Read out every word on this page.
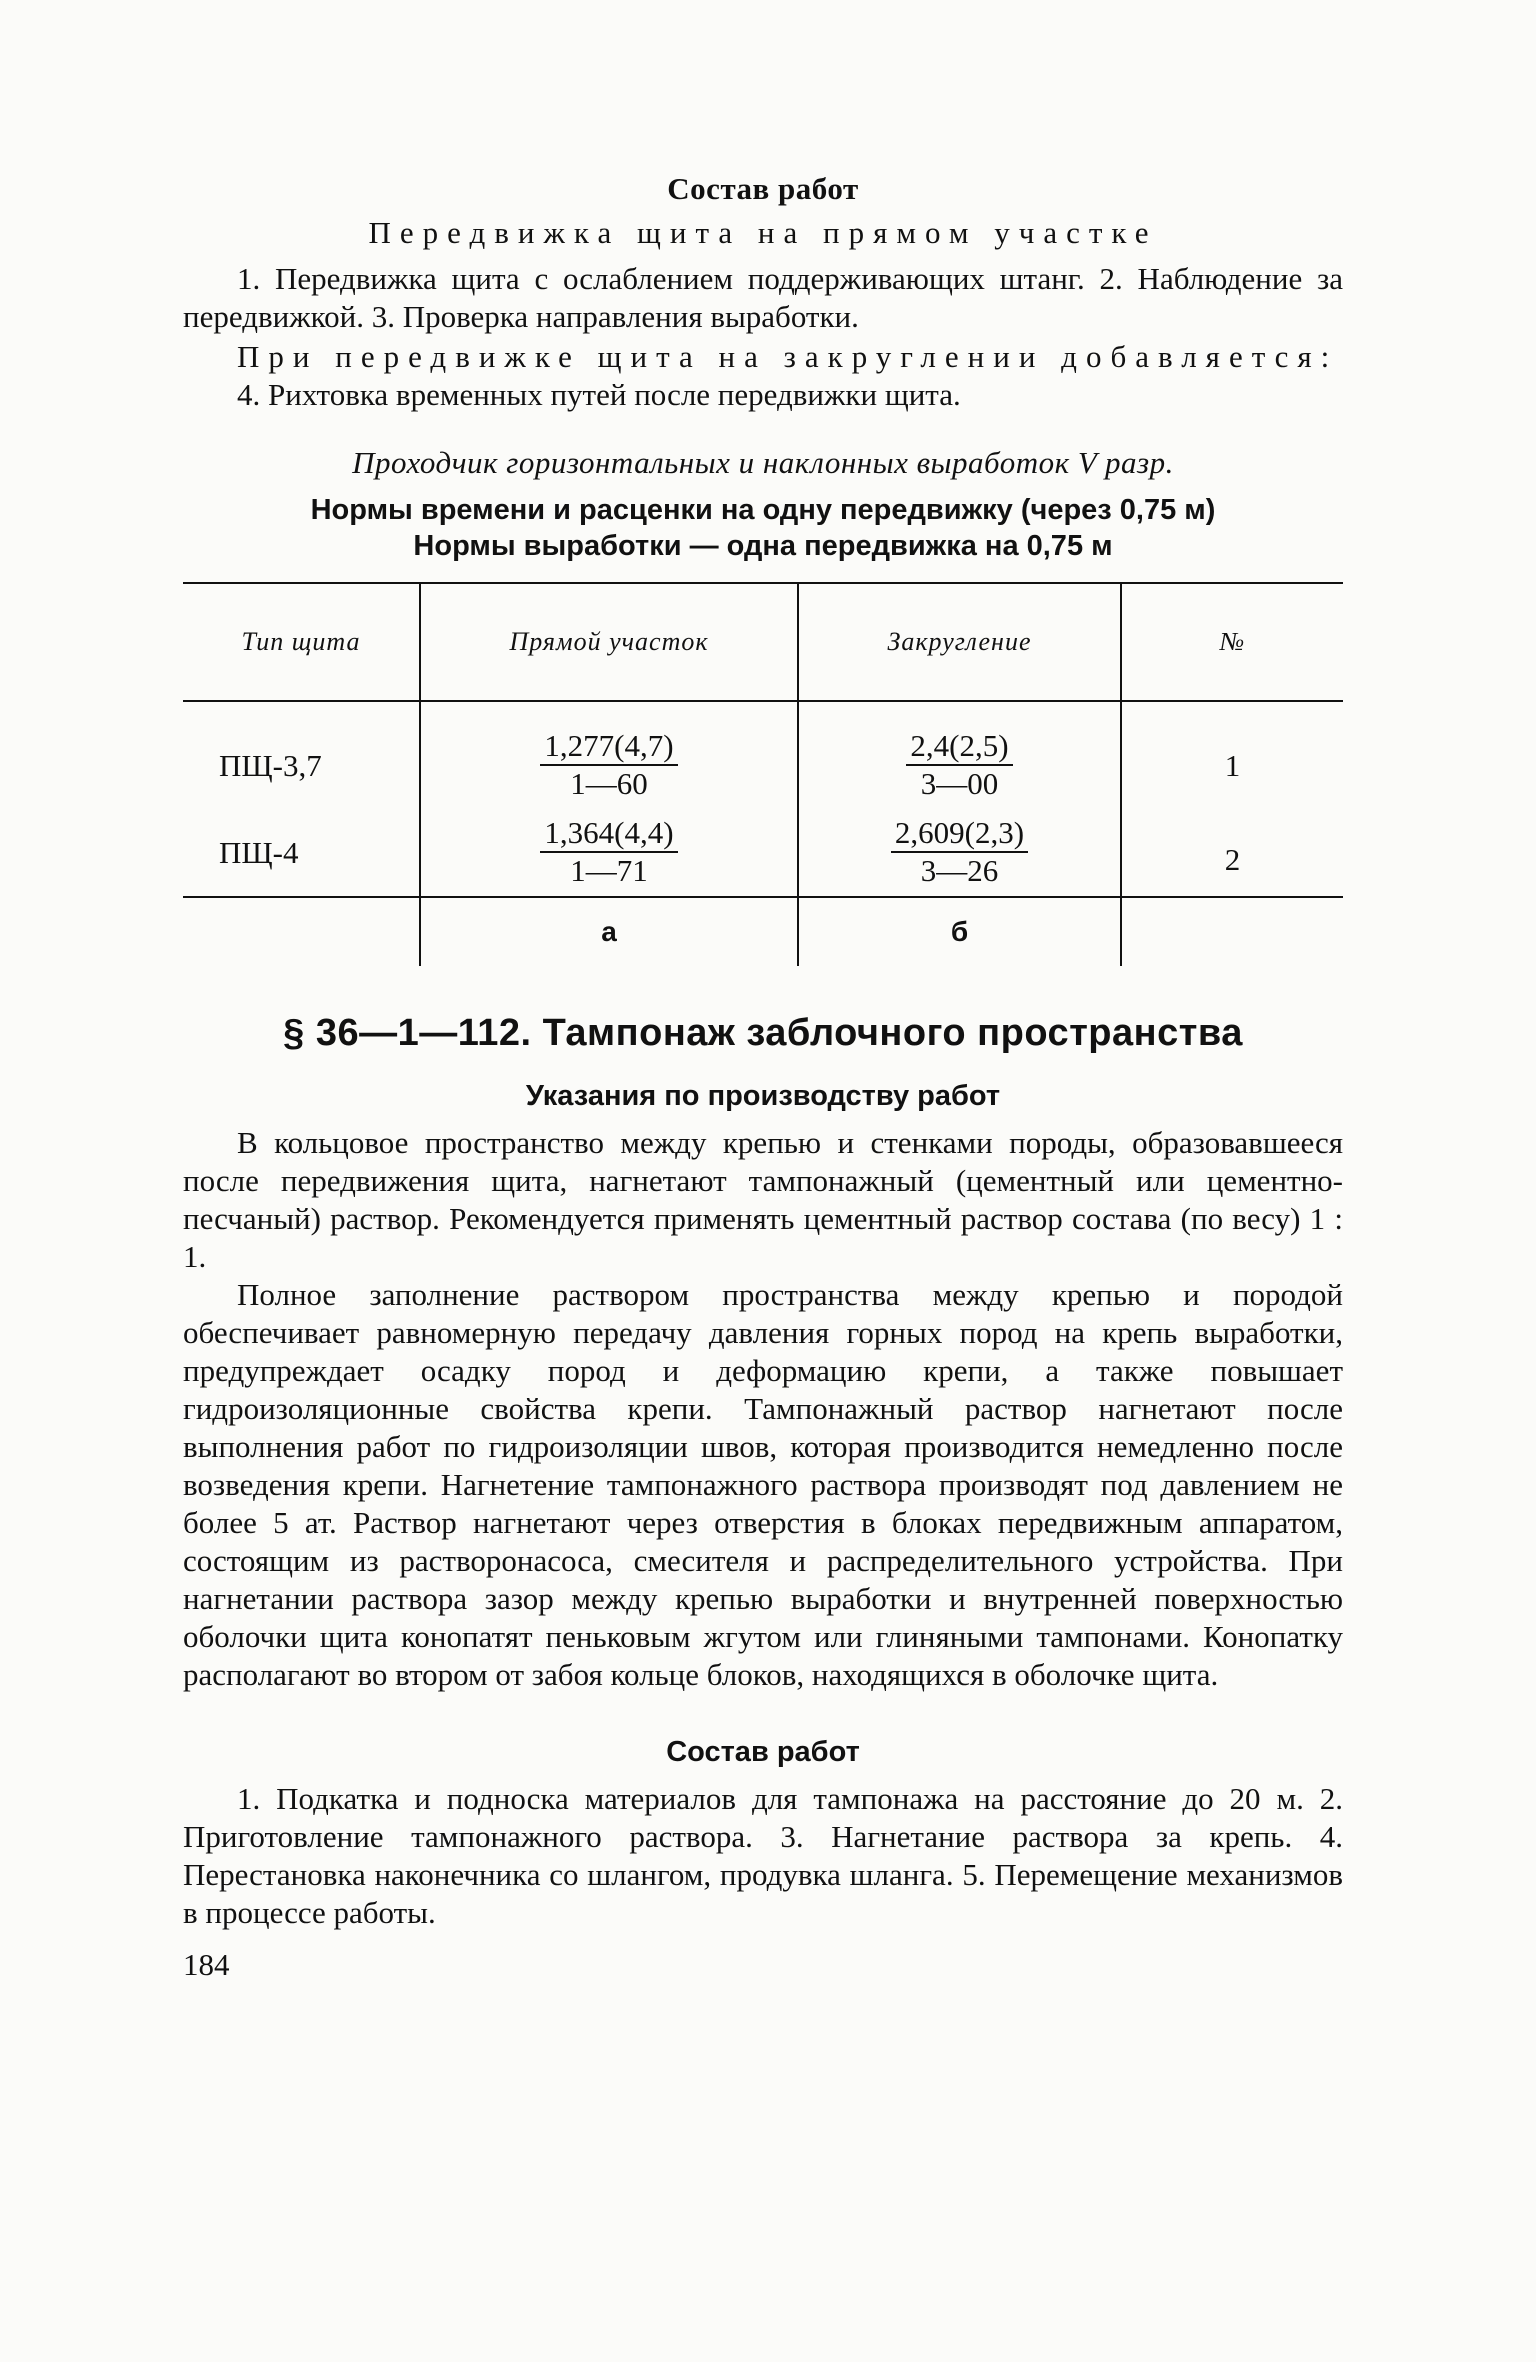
Состав работ
Передвижка щита на прямом участке

1. Передвижка щита с ослаблением поддерживающих штанг. 2. Наблюдение за передвижкой. 3. Проверка направления выработки.

При передвижке щита на закруглении добавляется:

4. Рихтовка временных путей после передвижки щита.

Проходчик горизонтальных и наклонных выработок V разр.
Нормы времени и расценки на одну передвижку (через 0,75 м)
Нормы выработки — одна передвижка на 0,75 м
Тип щита	Прямой участок	Закругление	№
ПЩ-3,7	$\frac{1,277(4,7)}{1—60}$	$\frac{2,4(2,5)}{3—00}$	1
ПЩ-4	$\frac{1,364(4,4)}{1—71}$	$\frac{2,609(2,3)}{3—26}$	2
	а	б	
§ 36—1—112. Тампонаж заблочного пространства
Указания по производству работ

В кольцовое пространство между крепью и стенками породы, образовавшееся после передвижения щита, нагнетают тампонажный (цементный или цементно-песчаный) раствор. Рекомендуется применять цементный раствор состава (по весу) 1 : 1.

Полное заполнение раствором пространства между крепью и породой обеспечивает равномерную передачу давления горных пород на крепь выработки, предупреждает осадку пород и деформацию крепи, а также повышает гидроизоляционные свойства крепи. Тампонажный раствор нагнетают после выполнения работ по гидроизоляции швов, которая производится немедленно после возведения крепи. Нагнетение тампонажного раствора производят под давлением не более 5 ат. Раствор нагнетают через отверстия в блоках передвижным аппаратом, состоящим из растворонасоса, смесителя и распределительного устройства. При нагнетании раствора зазор между крепью выработки и внутренней поверхностью оболочки щита конопатят пеньковым жгутом или глиняными тампонами. Конопатку располагают во втором от забоя кольце блоков, находящихся в оболочке щита.

Состав работ

1. Подкатка и подноска материалов для тампонажа на расстояние до 20 м. 2. Приготовление тампонажного раствора. 3. Нагнетание раствора за крепь. 4. Перестановка наконечника со шлангом, продувка шланга. 5. Перемещение механизмов в процессе работы.

184
